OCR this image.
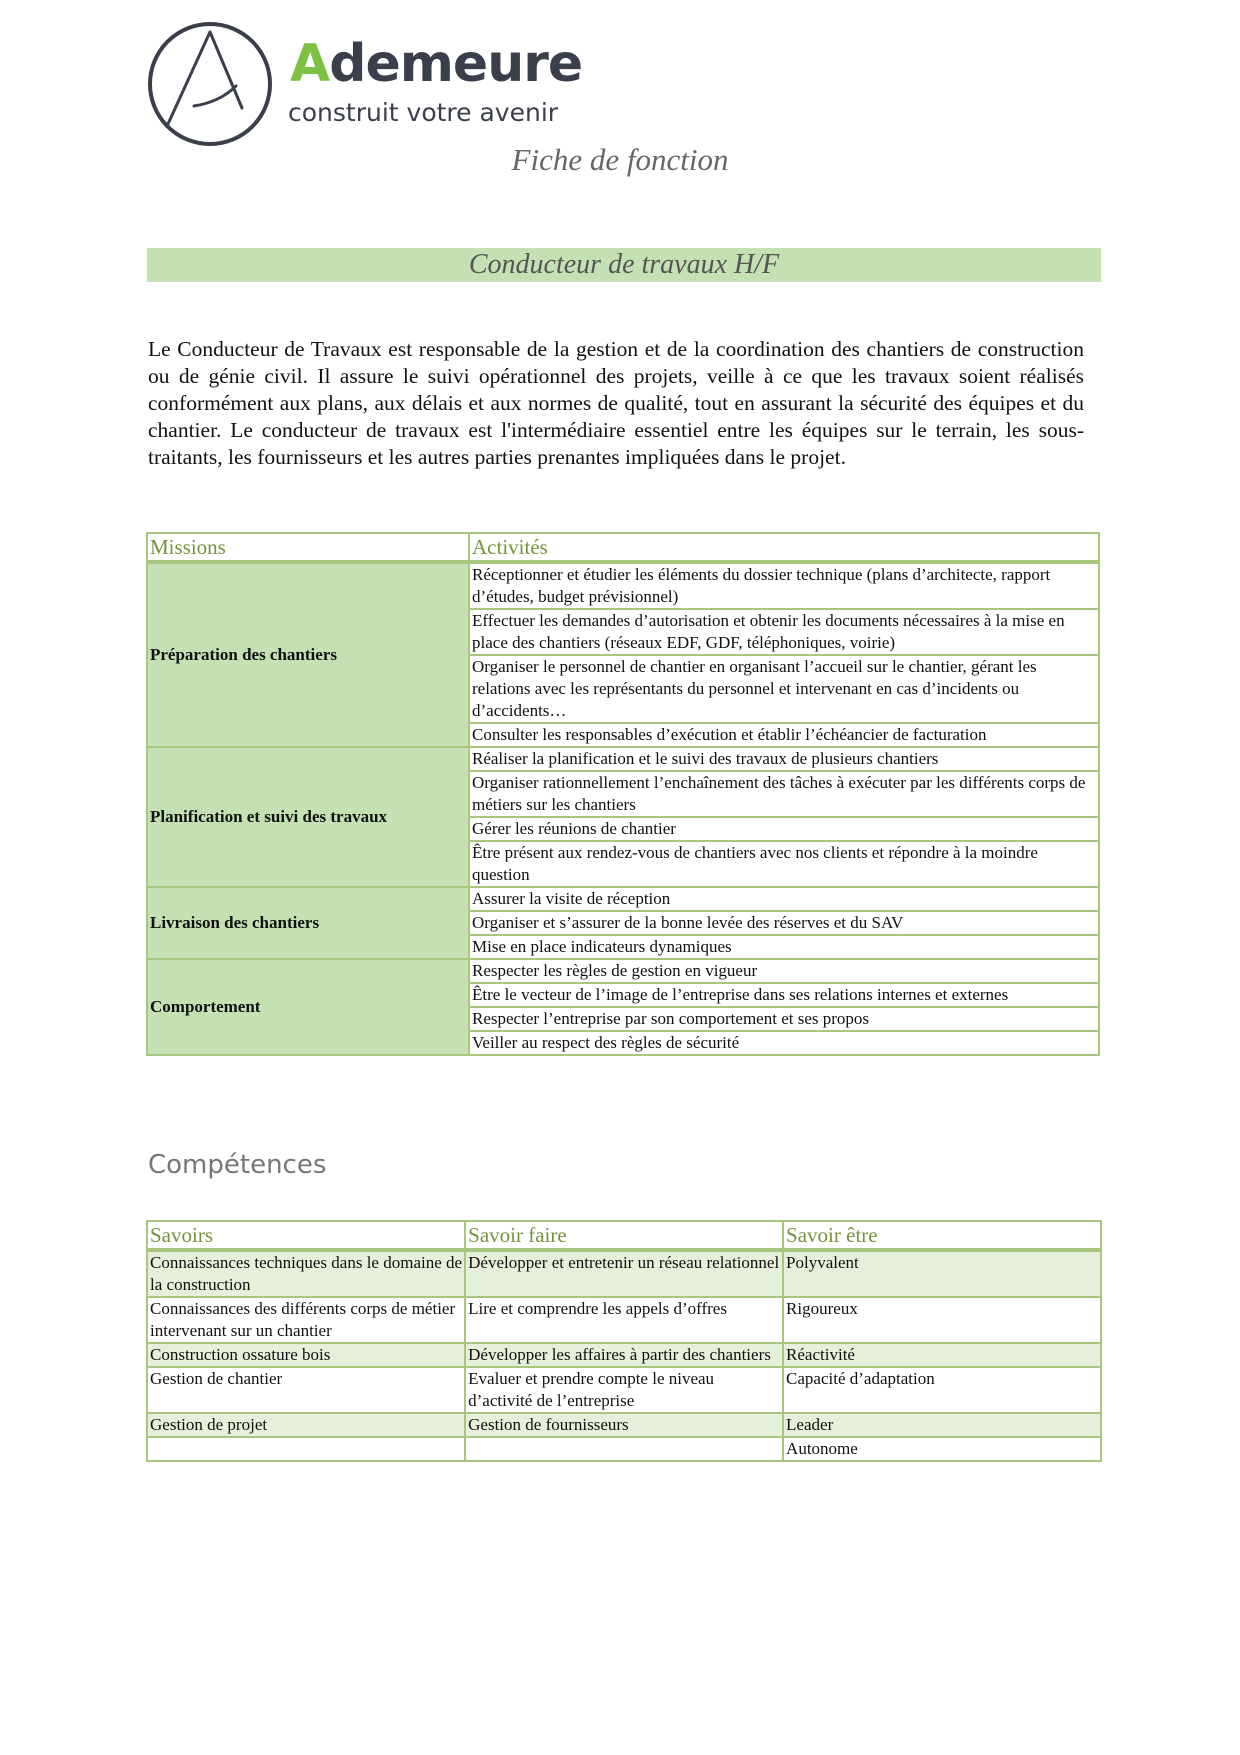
Ademeure
construit votre avenir
Fiche de fonction
Conducteur de travaux H/F
Le Conducteur de Travaux est responsable de la gestion et de la coordination des chantiers de construction ou de génie civil. Il assure le suivi opérationnel des projets, veille à ce que les travaux soient réalisés conformément aux plans, aux délais et aux normes de qualité, tout en assurant la sécurité des équipes et du chantier. Le conducteur de travaux est l'intermédiaire essentiel entre les équipes sur le terrain, les sous-traitants, les fournisseurs et les autres parties prenantes impliquées dans le projet.
Missions	Activités
Préparation des chantiers	Réceptionner et étudier les éléments du dossier technique (plans d’architecte, rapport d’études, budget prévisionnel)
	Effectuer les demandes d’autorisation et obtenir les documents nécessaires à la mise en place des chantiers (réseaux EDF, GDF, téléphoniques, voirie)
	Organiser le personnel de chantier en organisant l’accueil sur le chantier, gérant les relations avec les représentants du personnel et intervenant en cas d’incidents ou d’accidents…
	Consulter les responsables d’exécution et établir l’échéancier de facturation
Planification et suivi des travaux	Réaliser la planification et le suivi des travaux de plusieurs chantiers
	Organiser rationnellement l’enchaînement des tâches à exécuter par les différents corps de métiers sur les chantiers
	Gérer les réunions de chantier
	Être présent aux rendez-vous de chantiers avec nos clients et répondre à la moindre question
Livraison des chantiers	Assurer la visite de réception
	Organiser et s’assurer de la bonne levée des réserves et du SAV
	Mise en place indicateurs dynamiques
Comportement	Respecter les règles de gestion en vigueur
	Être le vecteur de l’image de l’entreprise dans ses relations internes et externes
	Respecter l’entreprise par son comportement et ses propos
	Veiller au respect des règles de sécurité
Compétences
Savoirs	Savoir faire	Savoir être
Connaissances techniques dans le domaine de la construction	Développer et entretenir un réseau relationnel	Polyvalent
Connaissances des différents corps de métier intervenant sur un chantier	Lire et comprendre les appels d’offres	Rigoureux
Construction ossature bois	Développer les affaires à partir des chantiers	Réactivité
Gestion de chantier	Evaluer et prendre compte le niveau d’activité de l’entreprise	Capacité d’adaptation
Gestion de projet	Gestion de fournisseurs	Leader
		Autonome
